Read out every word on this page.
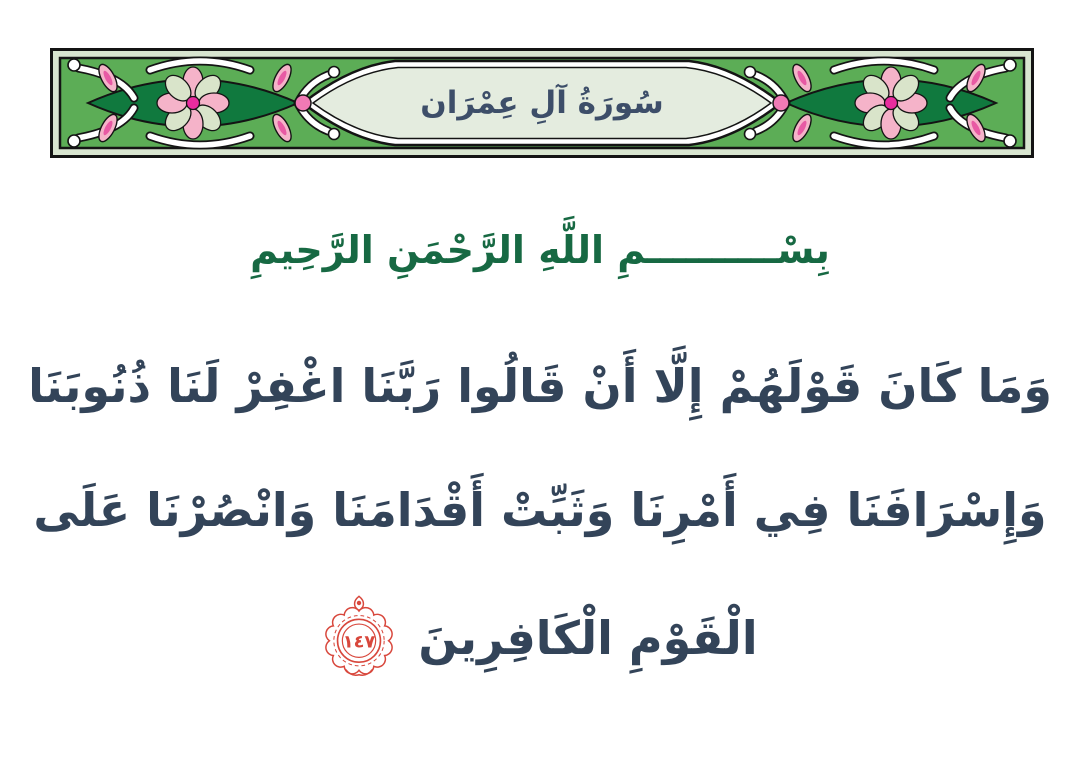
سُورَةُ آلِ عِمْرَان
بِسْــــــــــمِ اللَّهِ الرَّحْمَنِ الرَّحِيمِ
وَمَا كَانَ قَوْلَهُمْ إِلَّا أَنْ قَالُوا رَبَّنَا اغْفِرْ لَنَا ذُنُوبَنَا
وَإِسْرَافَنَا فِي أَمْرِنَا وَثَبِّتْ أَقْدَامَنَا وَانْصُرْنَا عَلَى
الْقَوْمِ الْكَافِرِينَ
١٤٧
